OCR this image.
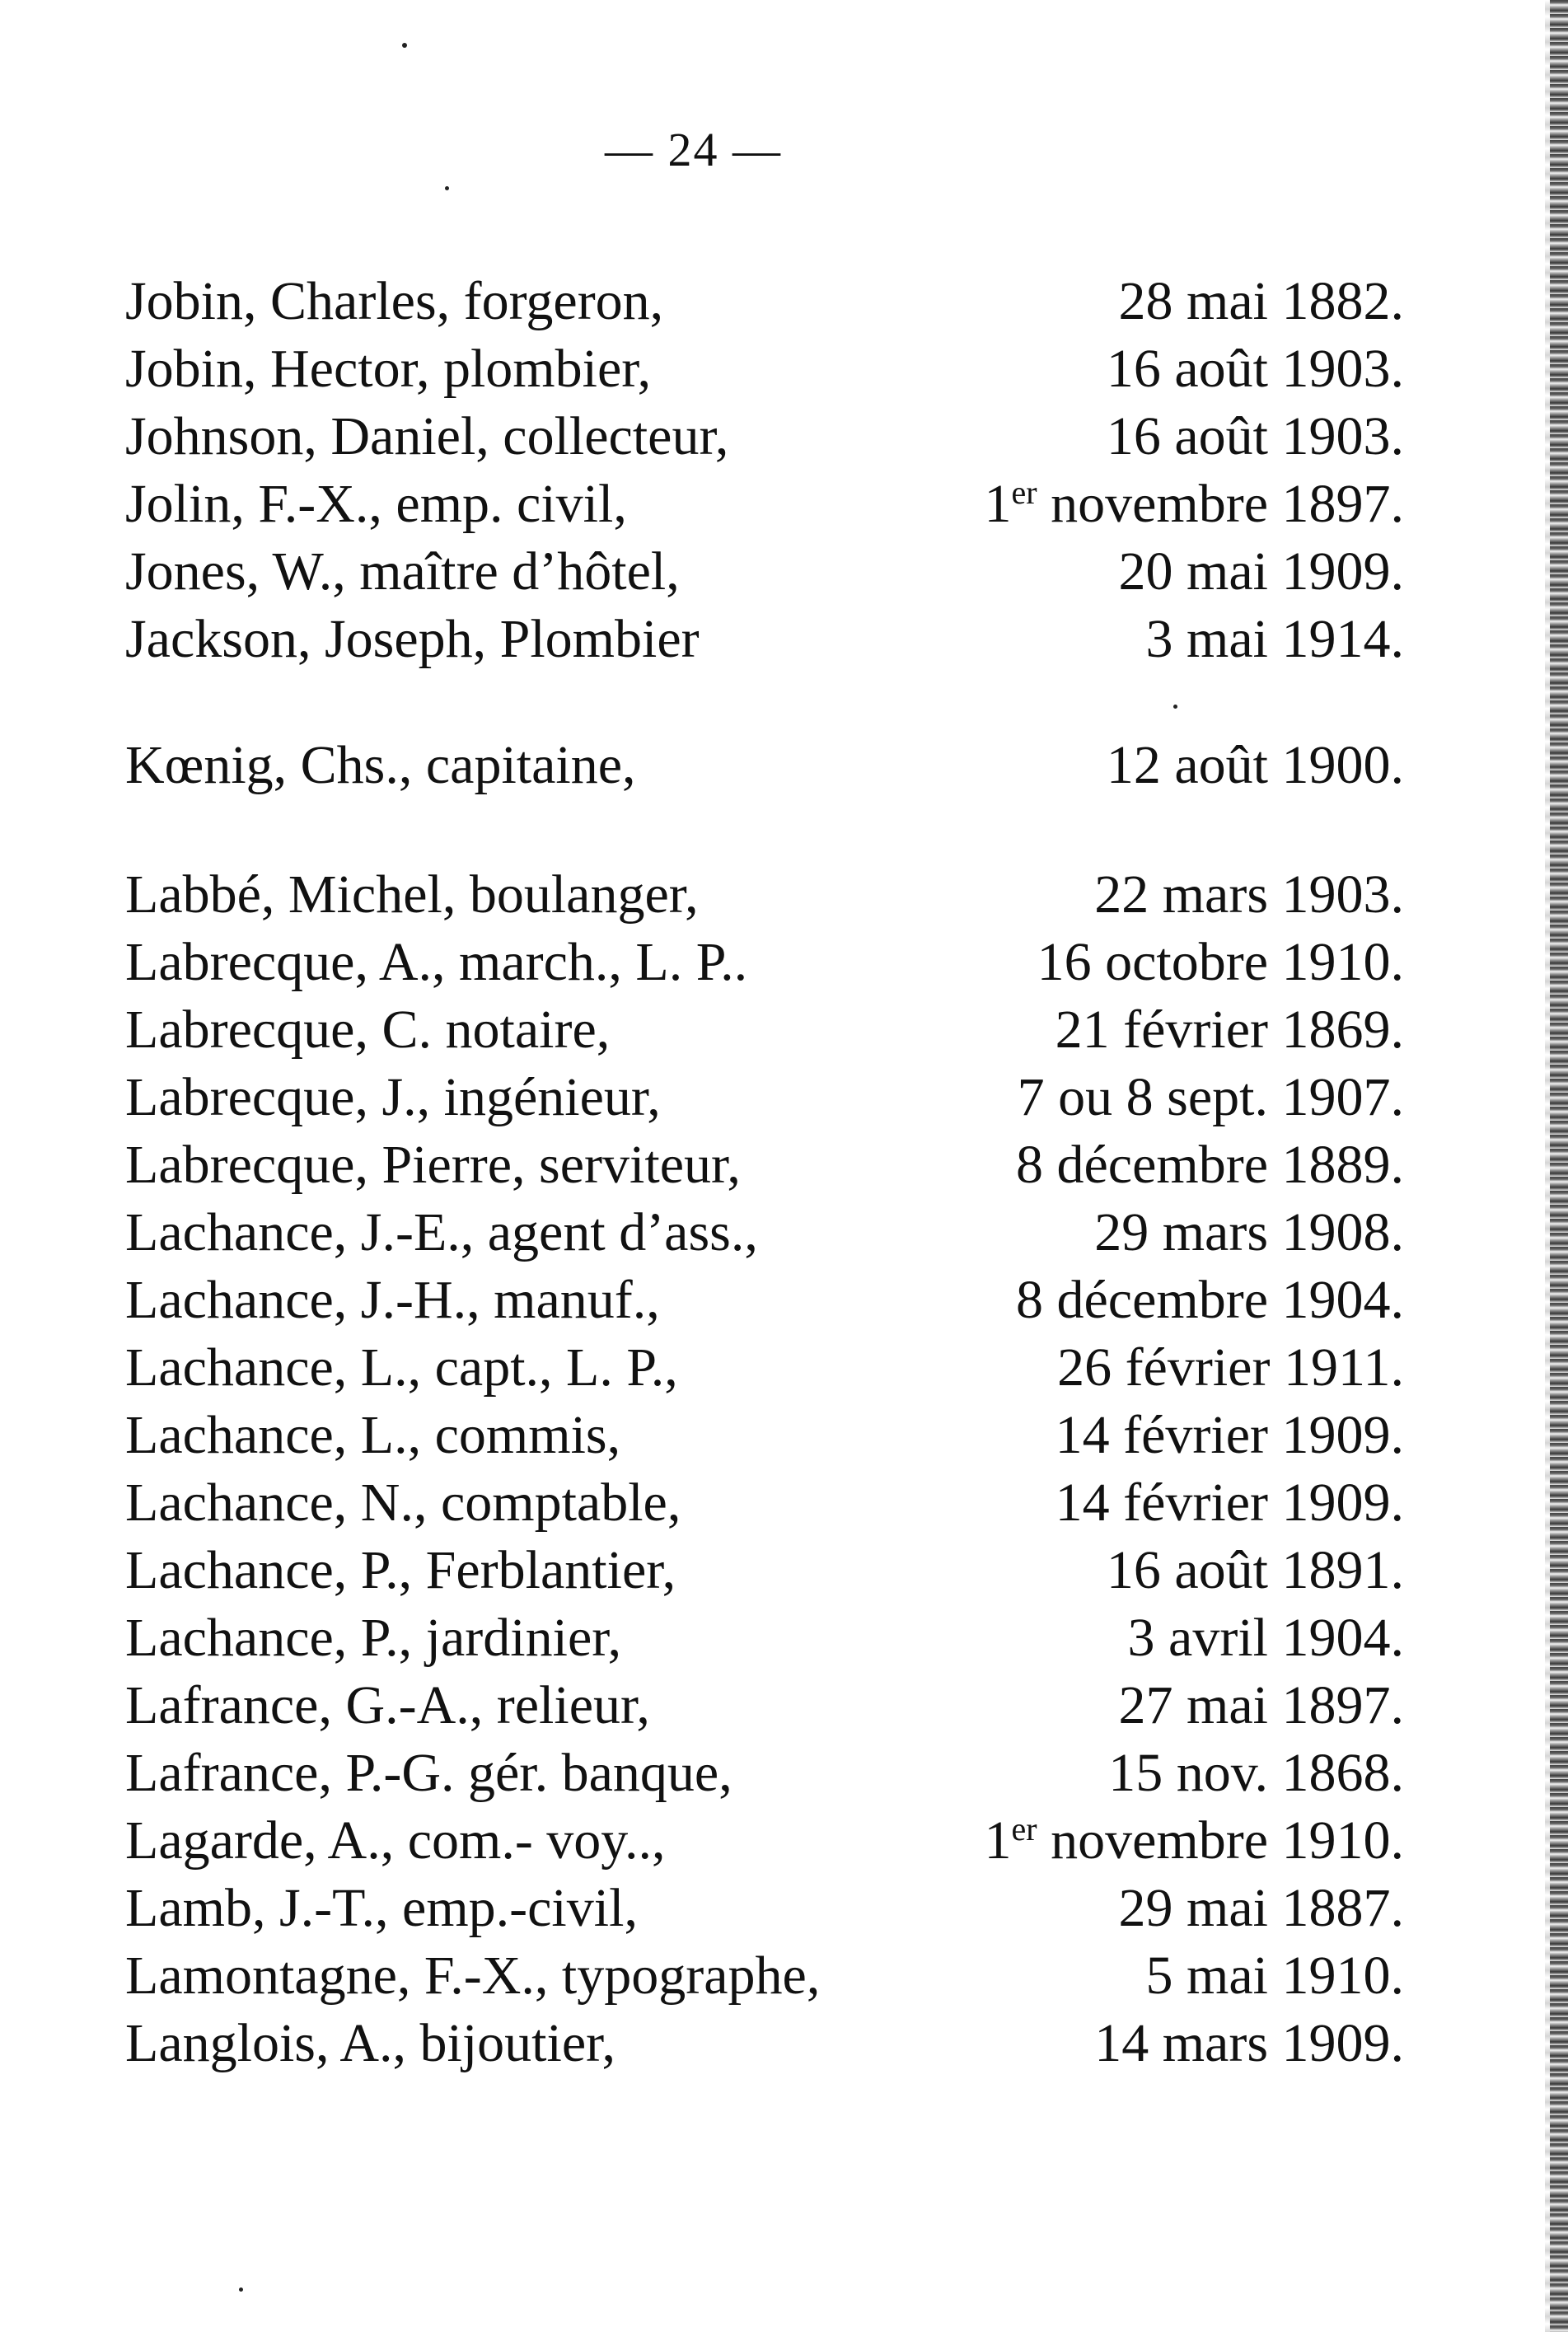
— 24 —
Jobin, Charles, forgeron,	28 mai 1882.
Jobin, Hector, plombier,	16 août 1903.
Johnson, Daniel, collecteur,	16 août 1903.
Jolin, F.-X., emp. civil,	1er novembre 1897.
Jones, W., maître d’hôtel,	20 mai 1909.
Jackson, Joseph, Plombier	3 mai 1914.
Kœnig, Chs., capitaine,	12 août 1900.
Labbé, Michel, boulanger,	22 mars 1903.
Labrecque, A., march., L. P..	16 octobre 1910.
Labrecque, C. notaire,	21 février 1869.
Labrecque, J., ingénieur,	7 ou 8 sept. 1907.
Labrecque, Pierre, serviteur,	8 décembre 1889.
Lachance, J.-E., agent d’ass.,	29 mars 1908.
Lachance, J.-H., manuf.,	8 décembre 1904.
Lachance, L., capt., L. P.,	26 février 1911.
Lachance, L., commis,	14 février 1909.
Lachance, N., comptable,	14 février 1909.
Lachance, P., Ferblantier,	16 août 1891.
Lachance, P., jardinier,	3 avril 1904.
Lafrance, G.-A., relieur,	27 mai 1897.
Lafrance, P.-G. gér. banque,	15 nov. 1868.
Lagarde, A., com.- voy..,	1er novembre 1910.
Lamb, J.-T., emp.-civil,	29 mai 1887.
Lamontagne, F.-X., typographe,	5 mai 1910.
Langlois, A., bijoutier,	14 mars 1909.
